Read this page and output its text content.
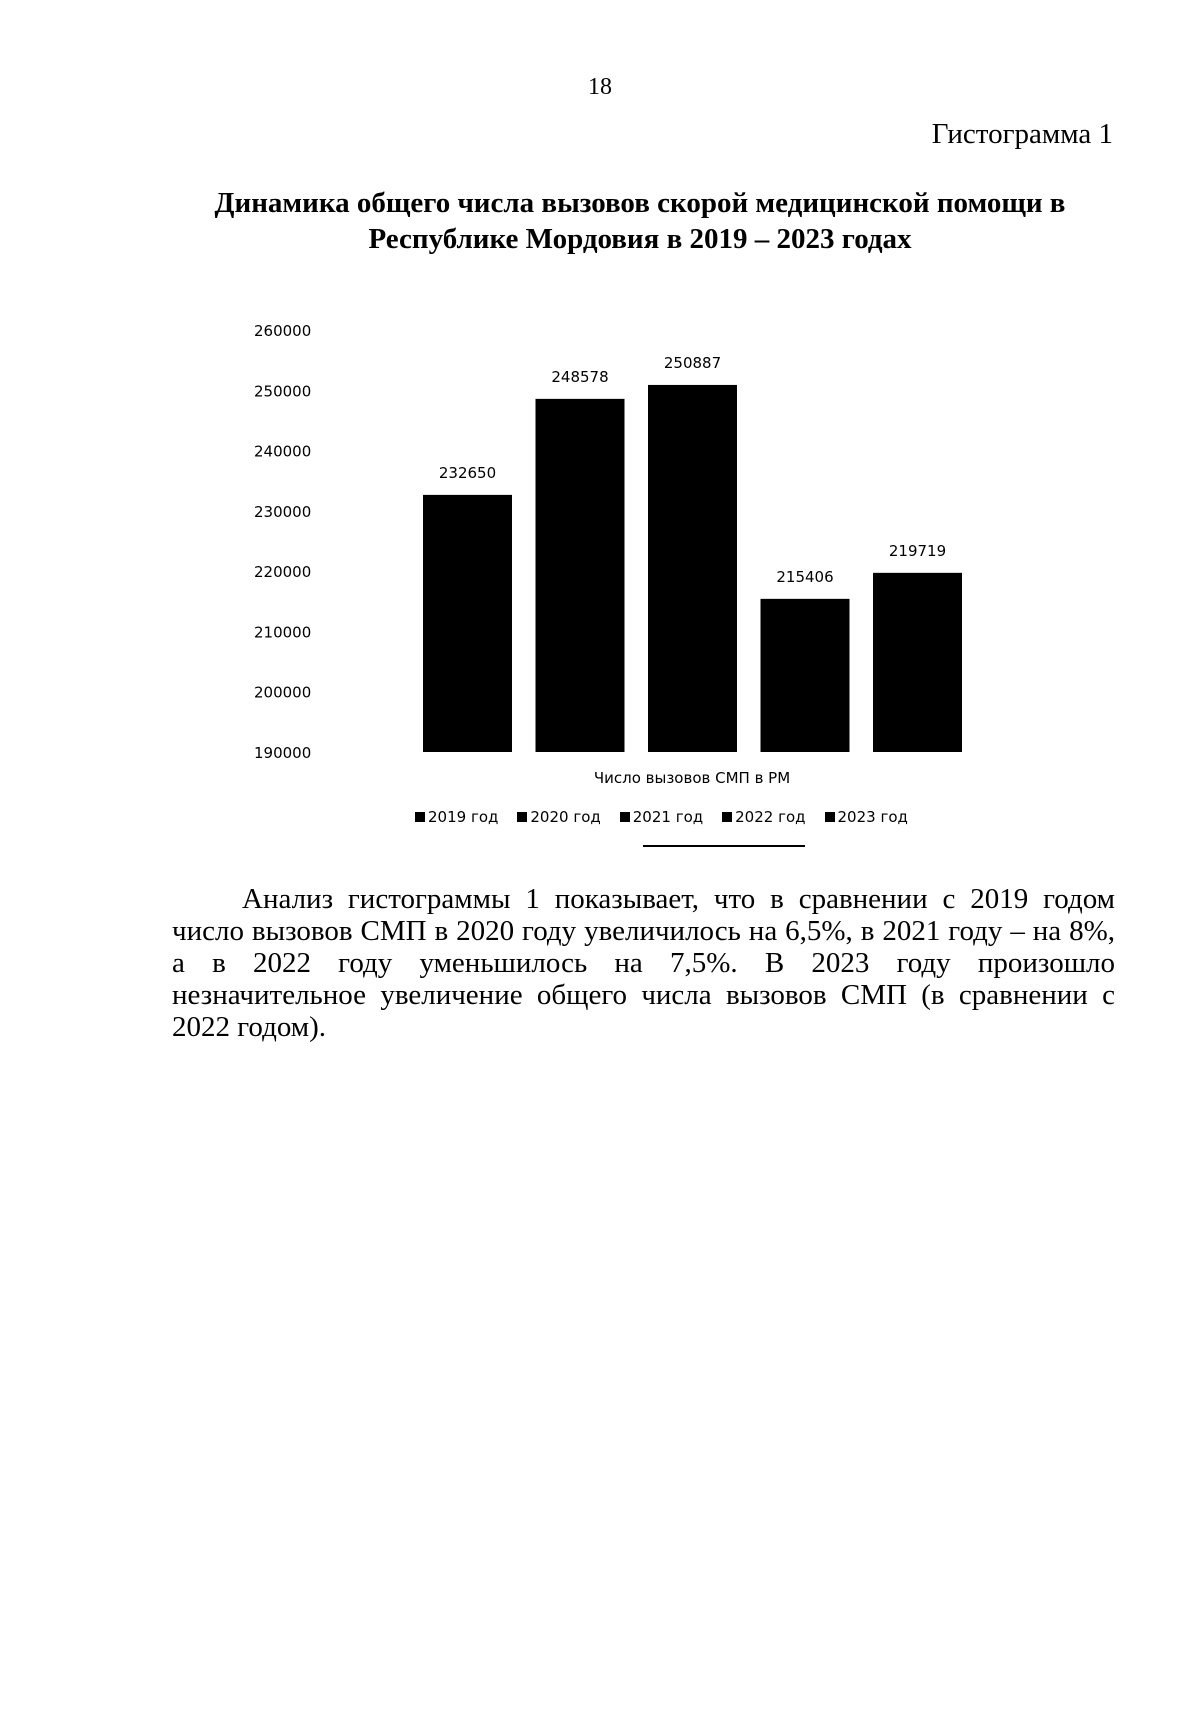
18
Гистограмма 1
Динамика общего числа вызовов скорой медицинской помощи в Республике Мордовия в 2019 – 2023 годах
190000
200000
210000
220000
230000
240000
250000
260000
232650
248578
250887
215406
219719
Число вызовов СМП в РМ
2019 год 2020 год 2021 год 2022 год 2023 год

Анализ гистограммы 1 показывает, что в сравнении с 2019 годом число вызовов СМП в 2020 году увеличилось на 6,5%, в 2021 году – на 8%, а в 2022 году уменьшилось на 7,5%. В 2023 году произошло незначительное увеличение общего числа вызовов СМП (в сравнении с 2022 годом).
